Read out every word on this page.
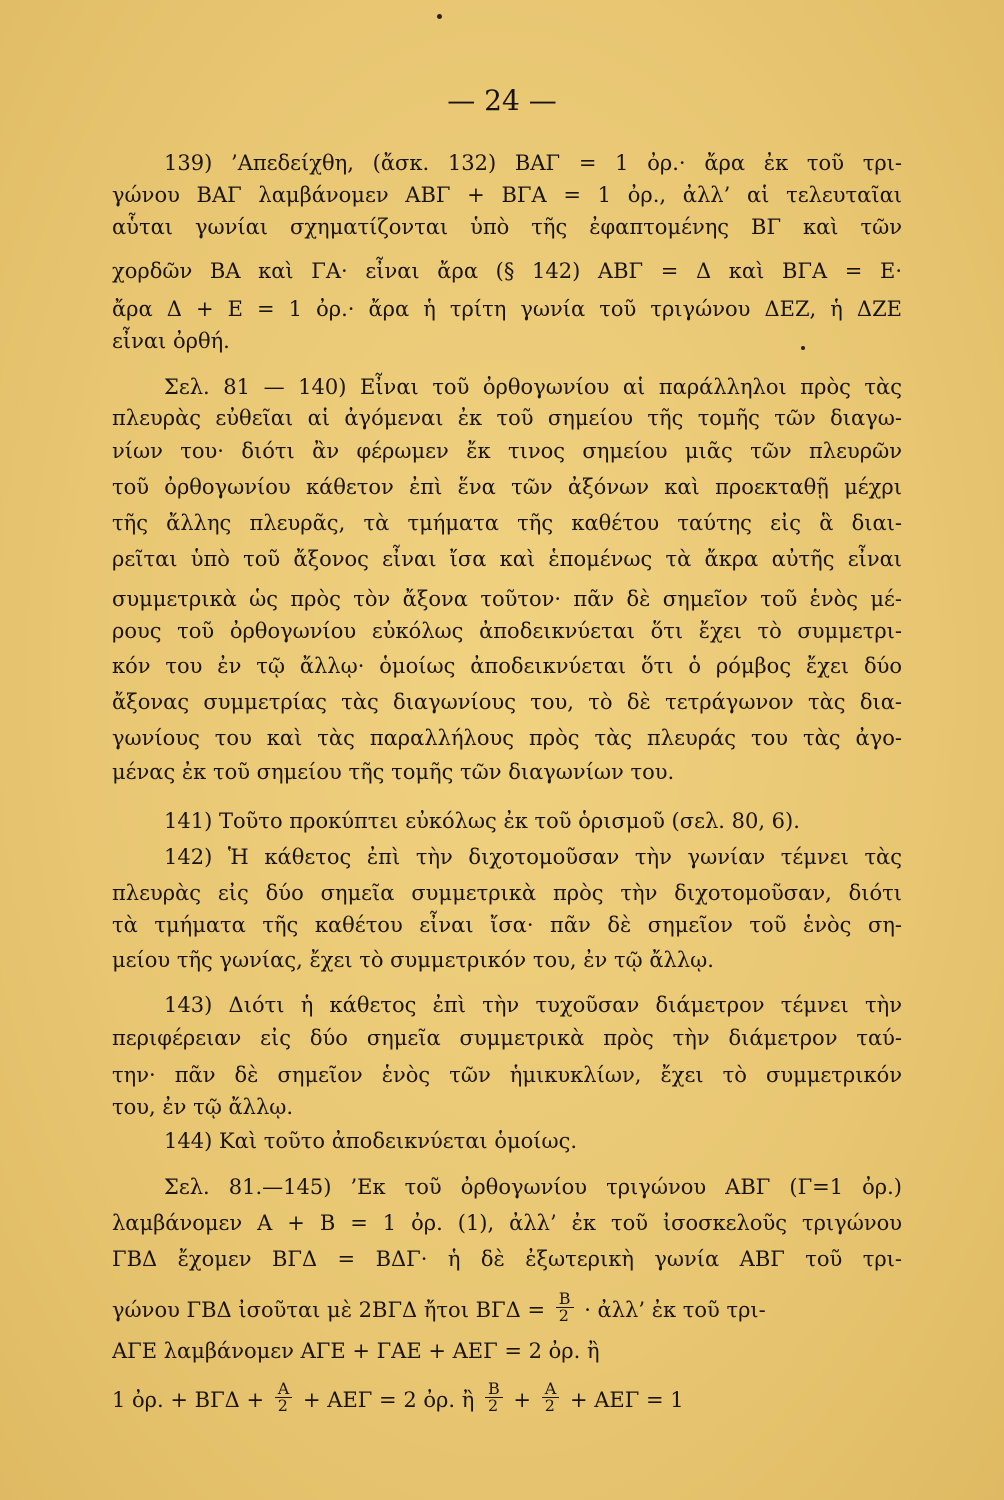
— 24 —
139) ’Απεδείχθη, (ἄσκ. 132) ΒΑΓ = 1 ὀρ.· ἄρα ἐκ τοῦ τρι-
γώνου ΒΑΓ λαμβάνομεν ΑΒΓ + ΒΓΑ = 1 ὀρ., ἀλλ’ αἱ τελευταῖαι
αὗται γωνίαι σχηματίζονται ὑπὸ τῆς ἐφαπτομένης ΒΓ καὶ τῶν
χορδῶν ΒΑ καὶ ΓΑ· εἶναι ἄρα (§ 142) ΑΒΓ = Δ καὶ ΒΓΑ = Ε·
ἄρα Δ + Ε = 1 ὀρ.· ἄρα ἡ τρίτη γωνία τοῦ τριγώνου ΔΕΖ, ἡ ΔΖΕ
εἶναι ὀρθή.
Σελ. 81 — 140) Εἶναι τοῦ ὀρθογωνίου αἱ παράλληλοι πρὸς τὰς
πλευρὰς εὐθεῖαι αἱ ἀγόμεναι ἐκ τοῦ σημείου τῆς τομῆς τῶν διαγω-
νίων του· διότι ἂν φέρωμεν ἔκ τινος σημείου μιᾶς τῶν πλευρῶν
τοῦ ὀρθογωνίου κάθετον ἐπὶ ἕνα τῶν ἀξόνων καὶ προεκταθῇ μέχρι
τῆς ἄλλης πλευρᾶς, τὰ τμήματα τῆς καθέτου ταύτης εἰς ἃ διαι-
ρεῖται ὑπὸ τοῦ ἄξονος εἶναι ἴσα καὶ ἑπομένως τὰ ἄκρα αὐτῆς εἶναι
συμμετρικὰ ὡς πρὸς τὸν ἄξονα τοῦτον· πᾶν δὲ σημεῖον τοῦ ἑνὸς μέ-
ρους τοῦ ὀρθογωνίου εὐκόλως ἀποδεικνύεται ὅτι ἔχει τὸ συμμετρι-
κόν του ἐν τῷ ἄλλῳ· ὁμοίως ἀποδεικνύεται ὅτι ὁ ρόμβος ἔχει δύο
ἄξονας συμμετρίας τὰς διαγωνίους του, τὸ δὲ τετράγωνον τὰς δια-
γωνίους του καὶ τὰς παραλλήλους πρὸς τὰς πλευράς του τὰς ἀγο-
μένας ἐκ τοῦ σημείου τῆς τομῆς τῶν διαγωνίων του.
141) Τοῦτο προκύπτει εὐκόλως ἐκ τοῦ ὁρισμοῦ (σελ. 80, 6).
142) Ἡ κάθετος ἐπὶ τὴν διχοτομοῦσαν τὴν γωνίαν τέμνει τὰς
πλευρὰς εἰς δύο σημεῖα συμμετρικὰ πρὸς τὴν διχοτομοῦσαν, διότι
τὰ τμήματα τῆς καθέτου εἶναι ἴσα· πᾶν δὲ σημεῖον τοῦ ἑνὸς ση-
μείου τῆς γωνίας, ἔχει τὸ συμμετρικόν του, ἐν τῷ ἄλλῳ.
143) Διότι ἡ κάθετος ἐπὶ τὴν τυχοῦσαν διάμετρον τέμνει τὴν
περιφέρειαν εἰς δύο σημεῖα συμμετρικὰ πρὸς τὴν διάμετρον ταύ-
την· πᾶν δὲ σημεῖον ἑνὸς τῶν ἡμικυκλίων, ἔχει τὸ συμμετρικόν
του, ἐν τῷ ἄλλῳ.
144) Καὶ τοῦτο ἀποδεικνύεται ὁμοίως.
Σελ. 81.—145) ’Εκ τοῦ ὀρθογωνίου τριγώνου ΑΒΓ (Γ=1 ὀρ.)
λαμβάνομεν Α + Β = 1 ὀρ. (1), ἀλλ’ ἐκ τοῦ ἰσοσκελοῦς τριγώνου
ΓΒΔ ἔχομεν ΒΓΔ = ΒΔΓ· ἡ δὲ ἐξωτερικὴ γωνία ΑΒΓ τοῦ τρι-
γώνου ΓΒΔ ἰσοῦται μὲ 2ΒΓΔ ἤτοι $B\Gamma\Delta = \frac{B}{2}$ · ἀλλ’ ἐκ τοῦ τρι-
ΑΓΕ λαμβάνομεν ΑΓΕ + ΓΑΕ + ΑΕΓ = 2 ὀρ. ἢ
1 ὀρ. + $B\Gamma\Delta + \frac{A}{2} + AE\Gamma = 2$ ὀρ. ἢ $\frac{B}{2} + \frac{A}{2} + AE\Gamma = 1$
